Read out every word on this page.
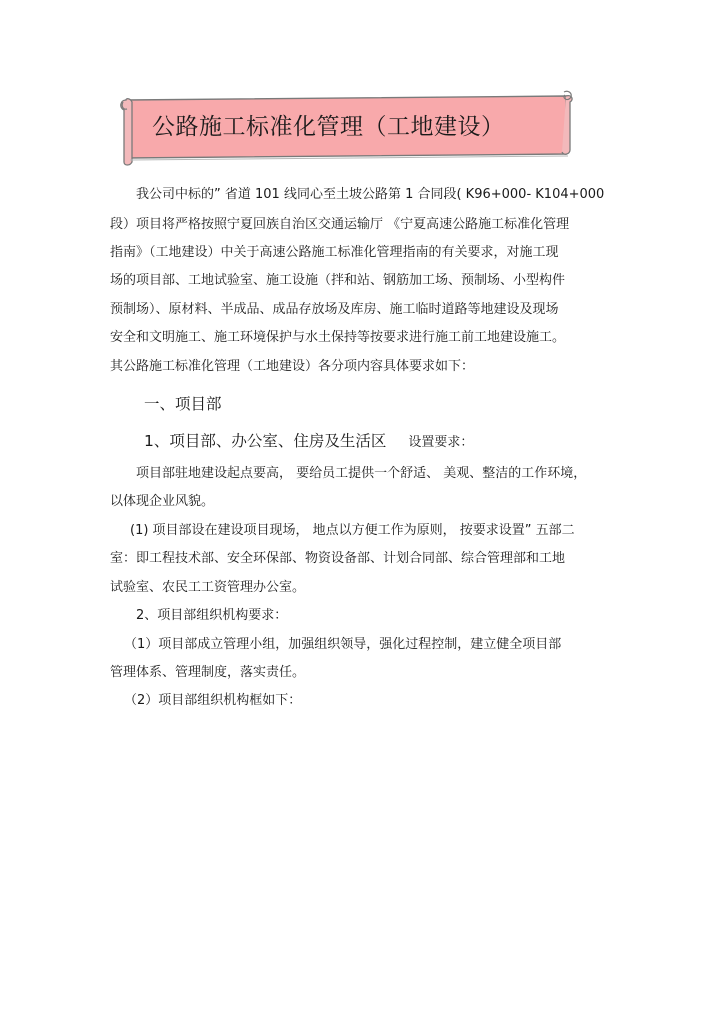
公路施工标准化管理（工地建设）
我公司中标的” 省道 101 线同心至土坡公路第 1 合同段( K96+000- K104+000
段）项目将严格按照宁夏回族自治区交通运输厅 《宁夏高速公路施工标准化管理
指南》（工地建设）中关于高速公路施工标准化管理指南的有关要求，对施工现
场的项目部、工地试验室、施工设施（拌和站、钢筋加工场、预制场、小型构件
预制场）、原材料、半成品、成品存放场及库房、施工临时道路等地建设及现场
安全和文明施工、施工环境保护与水土保持等按要求进行施工前工地建设施工。
其公路施工标准化管理（工地建设）各分项内容具体要求如下：
一、项目部
1、项目部、办公室、住房及生活区 设置要求：
项目部驻地建设起点要高， 要给员工提供一个舒适、 美观、整洁的工作环境，
以体现企业风貌。
(1) 项目部设在建设项目现场， 地点以方便工作为原则， 按要求设置” 五部二
室：即工程技术部、安全环保部、物资设备部、计划合同部、综合管理部和工地
试验室、农民工工资管理办公室。
2、项目部组织机构要求：
（1）项目部成立管理小组，加强组织领导，强化过程控制，建立健全项目部
管理体系、管理制度，落实责任。
（2）项目部组织机构框如下：
